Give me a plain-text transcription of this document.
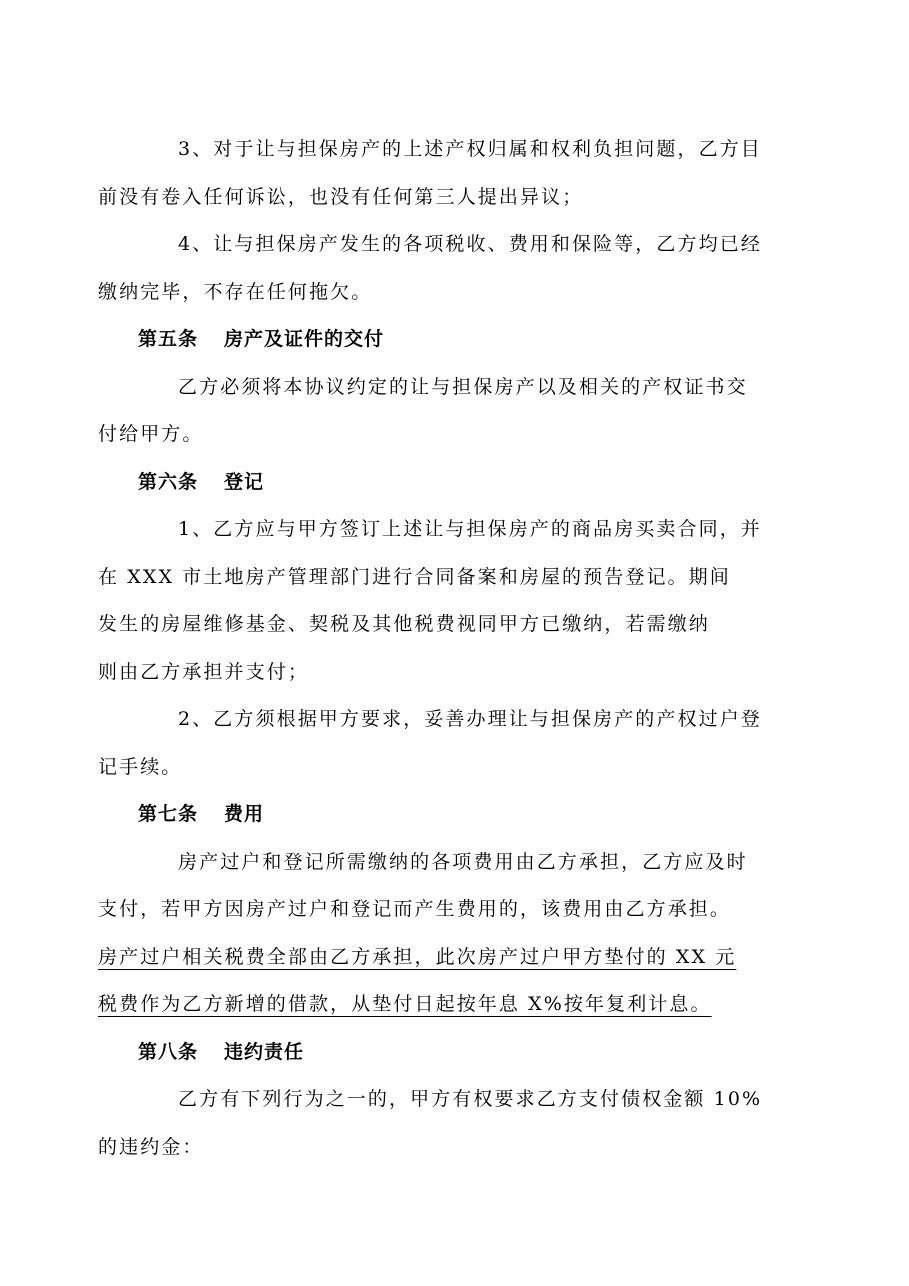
3、对于让与担保房产的上述产权归属和权利负担问题，乙方目
前没有卷入任何诉讼，也没有任何第三人提出异议；

4、让与担保房产发生的各项税收、费用和保险等，乙方均已经
缴纳完毕，不存在任何拖欠。

第五条 房产及证件的交付

乙方必须将本协议约定的让与担保房产以及相关的产权证书交
付给甲方。

第六条 登记

1、乙方应与甲方签订上述让与担保房产的商品房买卖合同，并
在 XXX 市土地房产管理部门进行合同备案和房屋的预告登记。期间
发生的房屋维修基金、契税及其他税费视同甲方已缴纳，若需缴纳
则由乙方承担并支付；

2、乙方须根据甲方要求，妥善办理让与担保房产的产权过户登
记手续。

第七条 费用

房产过户和登记所需缴纳的各项费用由乙方承担，乙方应及时
支付，若甲方因房产过户和登记而产生费用的，该费用由乙方承担。
房产过户相关税费全部由乙方承担，此次房产过户甲方垫付的 XX 元
税费作为乙方新增的借款，从垫付日起按年息 X%按年复利计息。

第八条 违约责任

乙方有下列行为之一的，甲方有权要求乙方支付债权金额 10%
的违约金：
